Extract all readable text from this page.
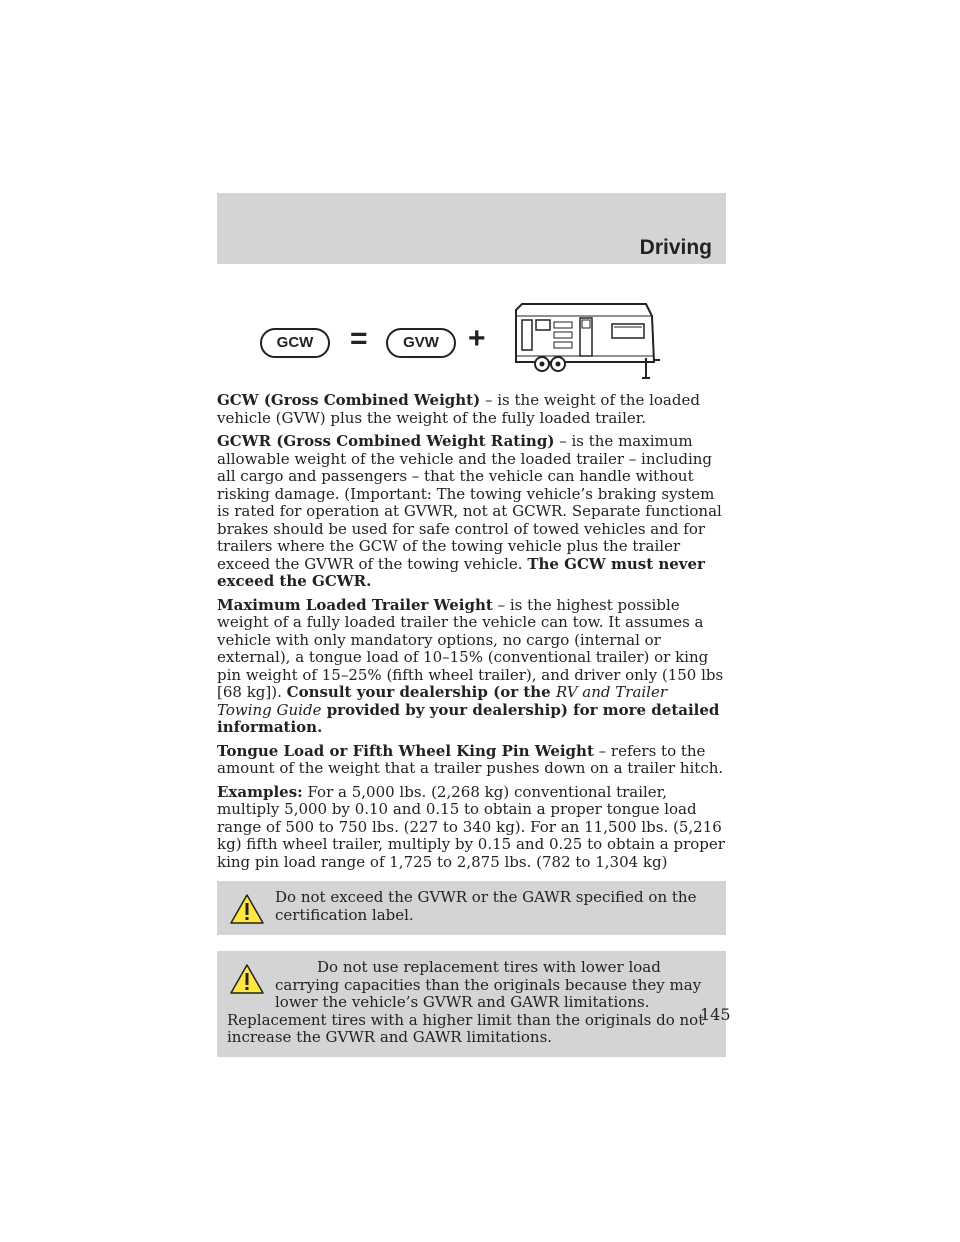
Driving
GCW	=	GVW +

GCW (Gross Combined Weight) – is the weight of the loaded vehicle (GVW) plus the weight of the fully loaded trailer.

GCWR (Gross Combined Weight Rating) – is the maximum allowable weight of the vehicle and the loaded trailer – including all cargo and passengers – that the vehicle can handle without risking damage. (Important: The towing vehicle’s braking system is rated for operation at GVWR, not at GCWR. Separate functional brakes should be used for safe control of towed vehicles and for trailers where the GCW of the towing vehicle plus the trailer exceed the GVWR of the towing vehicle. The GCW must never exceed the GCWR.

Maximum Loaded Trailer Weight – is the highest possible weight of a fully loaded trailer the vehicle can tow. It assumes a vehicle with only mandatory options, no cargo (internal or external), a tongue load of 10–15% (conventional trailer) or king pin weight of 15–25% (fifth wheel trailer), and driver only (150 lbs [68 kg]). Consult your dealership (or the RV and Trailer Towing Guide provided by your dealership) for more detailed information.

Tongue Load or Fifth Wheel King Pin Weight – refers to the amount of the weight that a trailer pushes down on a trailer hitch.

Examples: For a 5,000 lbs. (2,268 kg) conventional trailer, multiply 5,000 by 0.10 and 0.15 to obtain a proper tongue load range of 500 to 750 lbs. (227 to 340 kg). For an 11,500 lbs. (5,216 kg) fifth wheel trailer, multiply by 0.15 and 0.25 to obtain a proper king pin load range of 1,725 to 2,875 lbs. (782 to 1,304 kg)

Do not exceed the GVWR or the GAWR specified on the certification label.
Do not use replacement tires with lower load carrying capacities than the originals because they may lower the vehicle’s GVWR and GAWR limitations. Replacement tires with a higher limit than the originals do not increase the GVWR and GAWR limitations.
145
